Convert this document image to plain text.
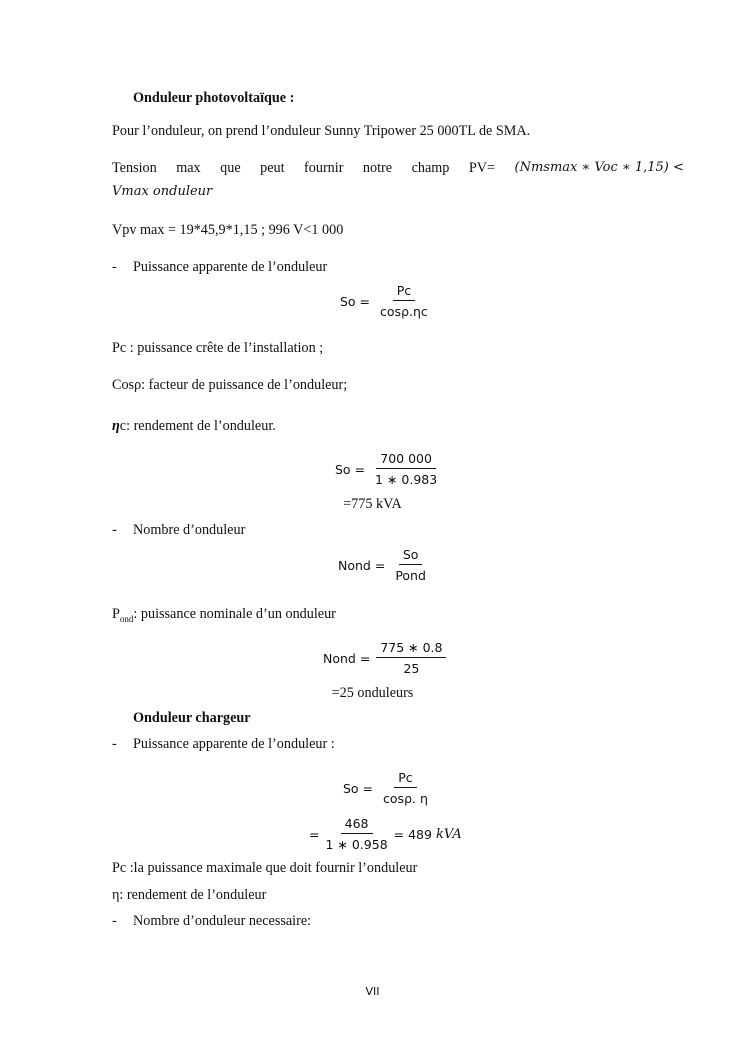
Onduleur photovoltaïque :
Pour l’onduleur, on prend l’onduleur Sunny Tripower 25 000TL de SMA.
Tension max que peut fournir notre champ PV= (Nmsmax ∗ Voc ∗ 1,15) <
Vmax onduleur
Vpv max = 19*45,9*1,15 ; 996 V<1 000
- Puissance apparente de l’onduleur
$So = \frac{Pc}{\cos\rho.\eta c}$
Pc : puissance crête de l’installation ;
Cosρ: facteur de puissance de l’onduleur;
ηc: rendement de l’onduleur.
$So = \frac{700 000}{1 ∗ 0.983}$
=775 kVA
- Nombre d’onduleur
Nond = $\frac{So}{\text{Pond}}$
$P_{ond}$: puissance nominale d’un onduleur
Nond = $\frac{775 ∗ 0.8}{25}$
=25 onduleurs
Onduleur chargeur
- Puissance apparente de l’onduleur :
$So = \frac{Pc}{\cos\rho. \eta}$
= $\frac{468}{1 ∗ 0.958} = 489$ kVA
Pc :la puissance maximale que doit fournir l’onduleur
η: rendement de l’onduleur
- Nombre d’onduleur necessaire:
VII
